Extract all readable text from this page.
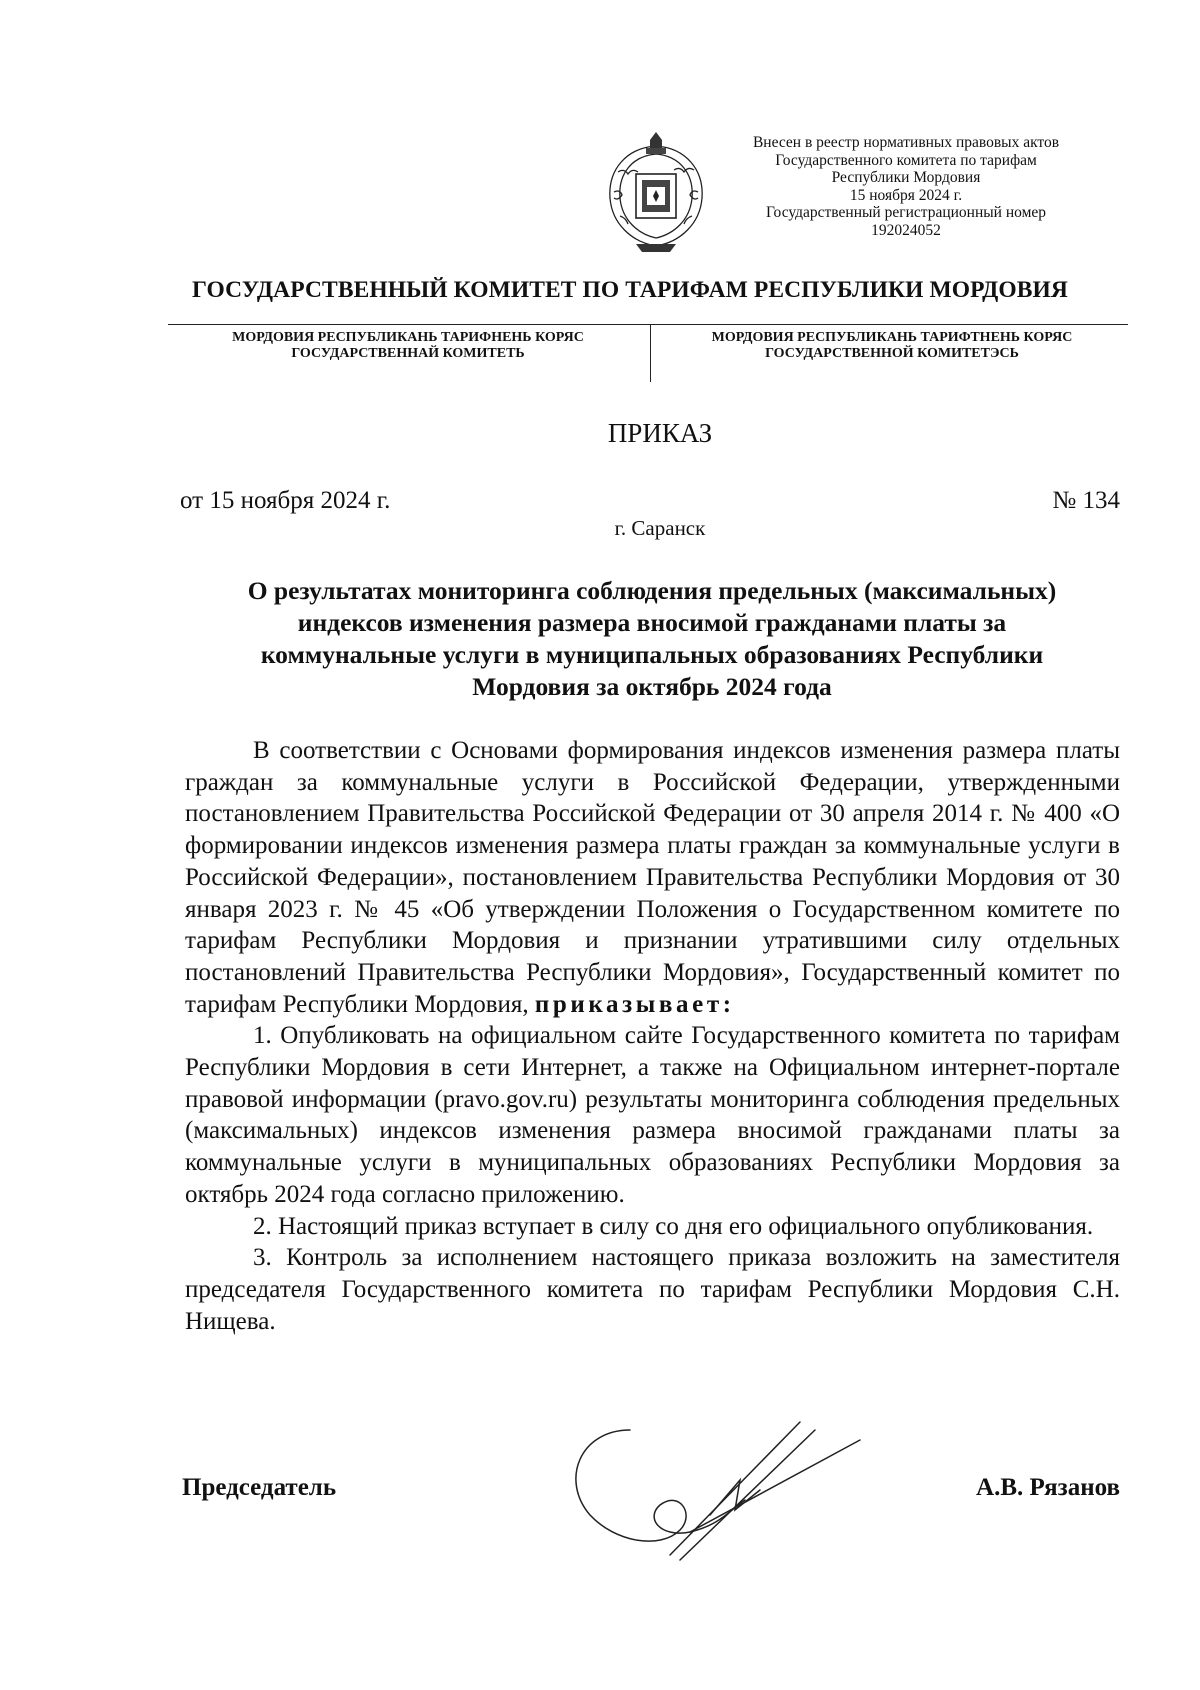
Внесен в реестр нормативных правовых актов
Государственного комитета по тарифам
Республики Мордовия
15 ноября 2024 г.
Государственный регистрационный номер
192024052
ГОСУДАРСТВЕННЫЙ КОМИТЕТ ПО ТАРИФАМ РЕСПУБЛИКИ МОРДОВИЯ
МОРДОВИЯ РЕСПУБЛИКАНЬ ТАРИФНЕНЬ КОРЯС
ГОСУДАРСТВЕННАЙ КОМИТЕТЬ
МОРДОВИЯ РЕСПУБЛИКАНЬ ТАРИФТНЕНЬ КОРЯС
ГОСУДАРСТВЕННОЙ КОМИТЕТЭСЬ
ПРИКАЗ
от 15 ноября 2024 г.	№ 134
г. Саранск
О результатах мониторинга соблюдения предельных (максимальных)
индексов изменения размера вносимой гражданами платы за
коммунальные услуги в муниципальных образованиях Республики
Мордовия за октябрь 2024 года

В соответствии с Основами формирования индексов изменения размера платы граждан за коммунальные услуги в Российской Федерации, утвержденными постановлением Правительства Российской Федерации от 30 апреля 2014 г. № 400 «О формировании индексов изменения размера платы граждан за коммунальные услуги в Российской Федерации», постановлением Правительства Республики Мордовия от 30 января 2023 г. № 45 «Об утверждении Положения о Государственном комитете по тарифам Республики Мордовия и признании утратившими силу отдельных постановлений Правительства Республики Мордовия», Государственный комитет по тарифам Республики Мордовия, приказывает:

1. Опубликовать на официальном сайте Государственного комитета по тарифам Республики Мордовия в сети Интернет, а также на Официальном интернет-портале правовой информации (pravo.gov.ru) результаты мониторинга соблюдения предельных (максимальных) индексов изменения размера вносимой гражданами платы за коммунальные услуги в муниципальных образованиях Республики Мордовия за октябрь 2024 года согласно приложению.

2. Настоящий приказ вступает в силу со дня его официального опубликования.

3. Контроль за исполнением настоящего приказа возложить на заместителя председателя Государственного комитета по тарифам Республики Мордовия С.Н. Нищева.

Председатель	А.В. Рязанов
